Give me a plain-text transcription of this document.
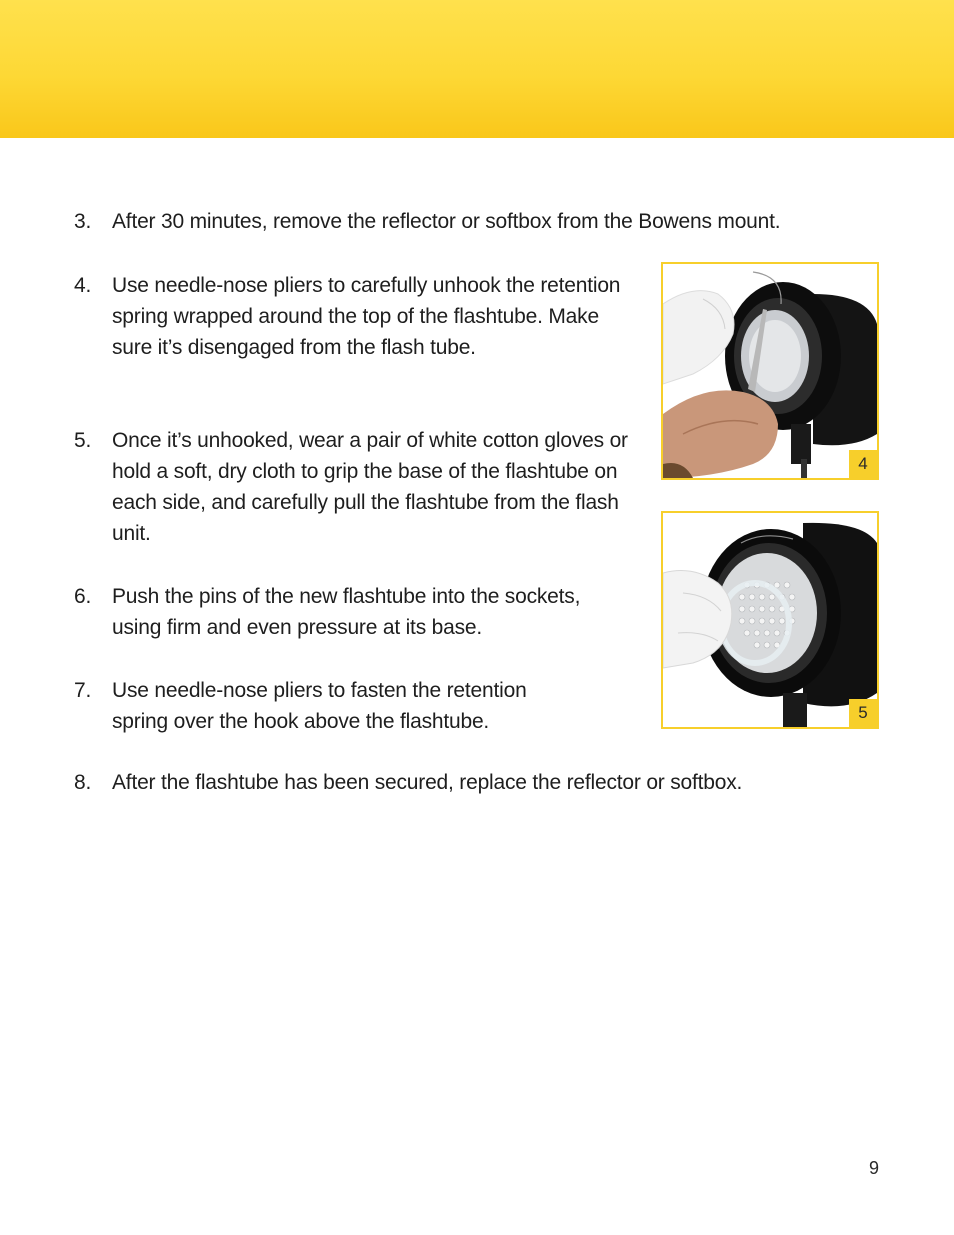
3. After 30 minutes, remove the reflector or softbox from the Bowens mount.
4. Use needle-nose pliers to carefully unhook the retention spring wrapped around the top of the flashtube. Make sure it’s disengaged from the flash tube.
5. Once it’s unhooked, wear a pair of white cotton gloves or hold a soft, dry cloth to grip the base of the flashtube on each side, and carefully pull the flashtube from the flash unit.
6. Push the pins of the new flashtube into the sockets, using firm and even pressure at its base.
7. Use needle-nose pliers to fasten the retention spring over the hook above the flashtube.
8. After the flashtube has been secured, replace the reflector or softbox.
4
5
9
